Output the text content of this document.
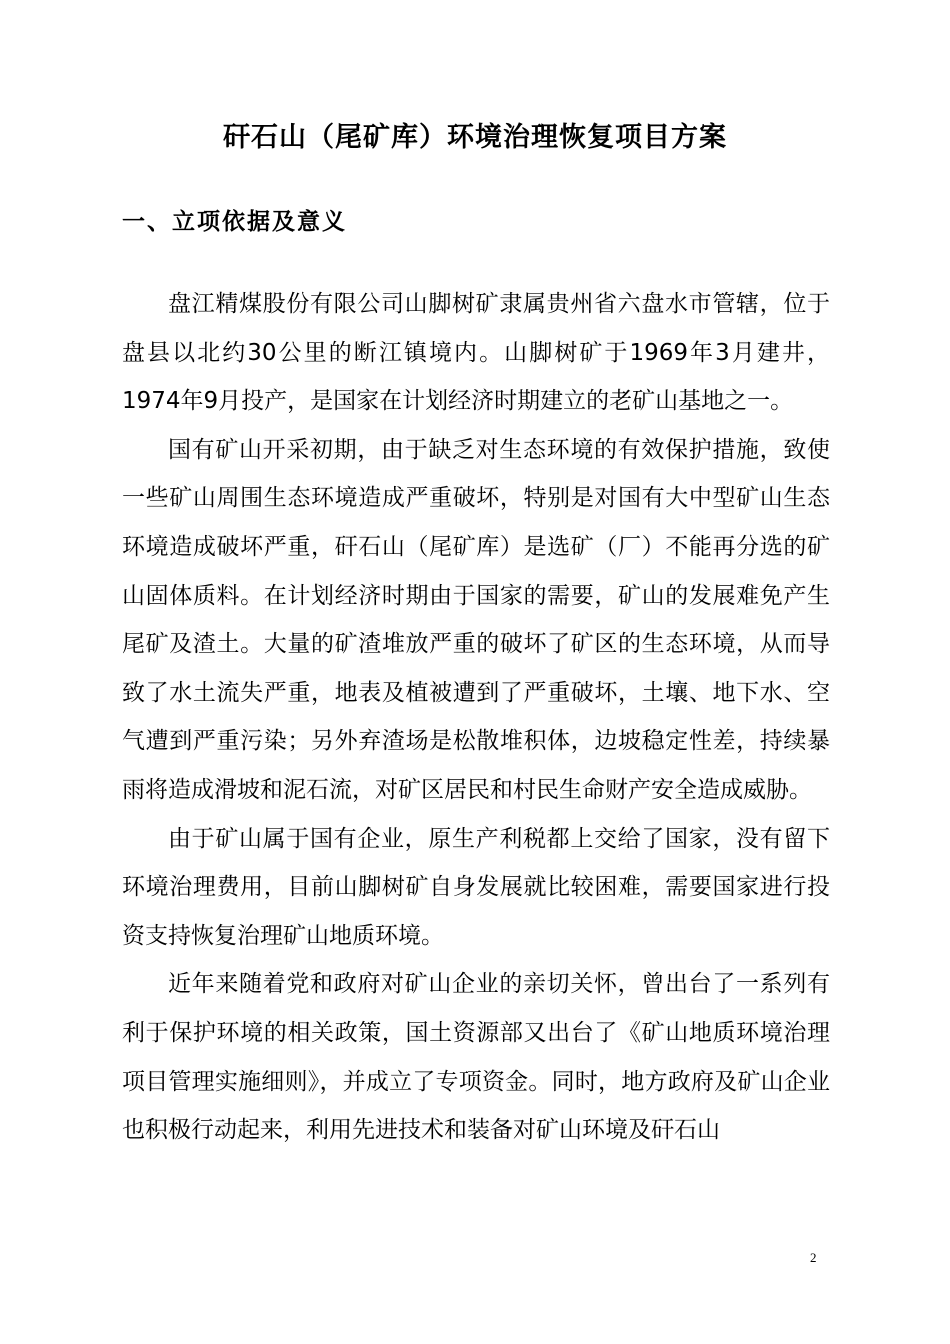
矸石山（尾矿库）环境治理恢复项目方案
一、立项依据及意义

盘江精煤股份有限公司山脚树矿隶属贵州省六盘水市管辖，位于盘县以北约30公里的断江镇境内。山脚树矿于1969年3月建井，1974年9月投产，是国家在计划经济时期建立的老矿山基地之一。

国有矿山开采初期，由于缺乏对生态环境的有效保护措施，致使一些矿山周围生态环境造成严重破坏，特别是对国有大中型矿山生态环境造成破坏严重，矸石山（尾矿库）是选矿（厂）不能再分选的矿山固体质料。在计划经济时期由于国家的需要，矿山的发展难免产生尾矿及渣土。大量的矿渣堆放严重的破坏了矿区的生态环境，从而导致了水土流失严重，地表及植被遭到了严重破坏，土壤、地下水、空气遭到严重污染；另外弃渣场是松散堆积体，边坡稳定性差，持续暴雨将造成滑坡和泥石流，对矿区居民和村民生命财产安全造成威胁。

由于矿山属于国有企业，原生产利税都上交给了国家，没有留下环境治理费用，目前山脚树矿自身发展就比较困难，需要国家进行投资支持恢复治理矿山地质环境。

近年来随着党和政府对矿山企业的亲切关怀，曾出台了一系列有利于保护环境的相关政策，国土资源部又出台了《矿山地质环境治理项目管理实施细则》，并成立了专项资金。同时，地方政府及矿山企业也积极行动起来，利用先进技术和装备对矿山环境及矸石山

2
